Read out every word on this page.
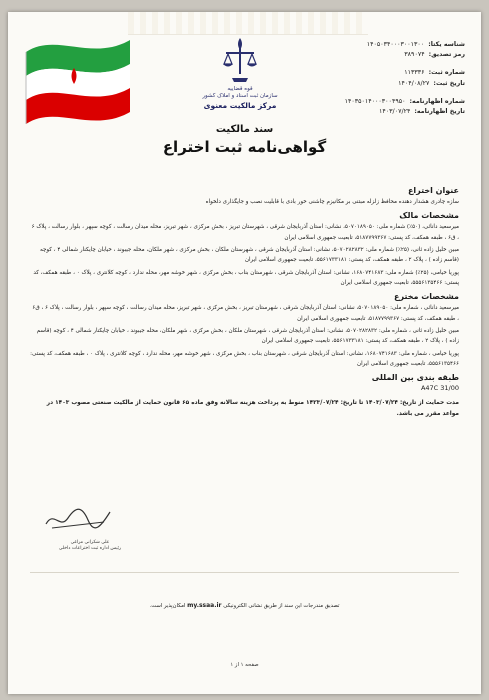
قوه قضاییه
سازمان ثبت اسناد و املاک کشور
مرکز مالکیت معنوی
شناسه یکتا:
۱۴۰۵۰۳۴۰۰۰۳۰۰۱۳۰۰
رمز تصدیق:
۳۸۹۰۷۴
شماره ثبت:
۱۱۳۳۳۶
تاریخ ثبت:
۱۴۰۴/۰۸/۲۷
شماره اظهارنامه:
۱۴۰۳۵۰۱۴۰۰۰۳۰۰۴۹۵۰
تاریخ اظهارنامه:
۱۴۰۳/۰۷/۲۴
سند مالکیت
گواهی‌نامه ثبت اختراع
عنوان اختراع

سازه چادری هشدار دهنده محافظ زلزله مبتنی بر مکانیزم چاشنی خور بادی با قابلیت نصب و جایگذاری دلخواه

مشخصات مالک

میرسعید دانائی، (۵۰٪) شماره ملی: ۵۰۷۰۱۸۹۰۵۰، نشانی: استان آذربایجان شرقی ، شهرستان تبریز ، بخش مرکزی ، شهر تبریز، محله میدان رسالت ، کوچه سپهر ، بلوار رسالت ، پلاک ۶ ، ق۶ ، طبقه همکف، کد پستی: ۵۱۸۷۷۹۹۳۶۷، تابعیت جمهوری اسلامی ایران

مبین خلیل زاده ثانی، (۲۵٪) شماره ملی: ۵۰۷۰۲۸۲۸۳۲، نشانی: استان آذربایجان شرقی ، شهرستان ملکان ، بخش مرکزی ، شهر ملکان، محله جیبوند ، خیابان چایکنار شمالی ۴ ، کوچه (قاسم زاده ) ، پلاک ۲ ، طبقه همکف، کد پستی: ۵۵۶۱۷۳۳۱۸۱، تابعیت جمهوری اسلامی ایران

پوریا خیامی، (۲۵٪) شماره ملی: ۱۶۸۰۷۴۱۶۸۳، نشانی: استان آذربایجان شرقی ، شهرستان بناب ، بخش مرکزی ، شهر خوشه مهر، محله ندارد ، کوچه کلانتری ، پلاک ۰ ، طبقه همکف، کد پستی: ۵۵۵۶۱۳۵۴۶۶، تابعیت جمهوری اسلامی ایران

مشخصات مخترع

میرسعید دانائی ، شماره ملی: ۵۰۷۰۱۸۹۰۵۰، نشانی: استان آذربایجان شرقی ، شهرستان تبریز ، بخش مرکزی ، شهر تبریز، محله میدان رسالت ، کوچه سپهر ، بلوار رسالت ، پلاک ۶ ، ق۶ ، طبقه همکف، کد پستی: ۵۱۸۷۷۹۹۳۶۷، تابعیت جمهوری اسلامی ایران

مبین خلیل زاده ثانی ، شماره ملی: ۵۰۷۰۲۸۲۸۳۲، نشانی: استان آذربایجان شرقی ، شهرستان ملکان ، بخش مرکزی ، شهر ملکان، محله جیبوند ، خیابان چایکنار شمالی ۴ ، کوچه (قاسم زاده ) ، پلاک ۲ ، طبقه همکف، کد پستی: ۵۵۶۱۷۳۳۱۸۱، تابعیت جمهوری اسلامی ایران

پوریا خیامی ، شماره ملی: ۱۶۸۰۷۴۱۶۸۳، نشانی: استان آذربایجان شرقی ، شهرستان بناب ، بخش مرکزی ، شهر خوشه مهر، محله ندارد ، کوچه کلانتری ، پلاک ۰ ، طبقه همکف، کد پستی: ۵۵۵۶۱۳۵۴۶۶، تابعیت جمهوری اسلامی ایران

طبقه بندی بین المللی
A47C 31/00
مدت حمایت از تاریخ: ۱۴۰۳/۰۷/۲۴ تا تاریخ: ۱۴۲۳/۰۷/۲۴ منوط به پرداخت هزینه سالانه وفق ماده ۶۵ قانون حمایت از مالکیت صنعتی مصوب ۱۴۰۳ در مواعد مقرر می باشد.
علی شکرانی مراغی
رئیس اداره ثبت اختراعات داخلی
تصدیق مندرجات این سند از طریق نشانی الکترونیکی my.ssaa.ir امکان‌پذیر است.
صفحه ۱ از ۱
